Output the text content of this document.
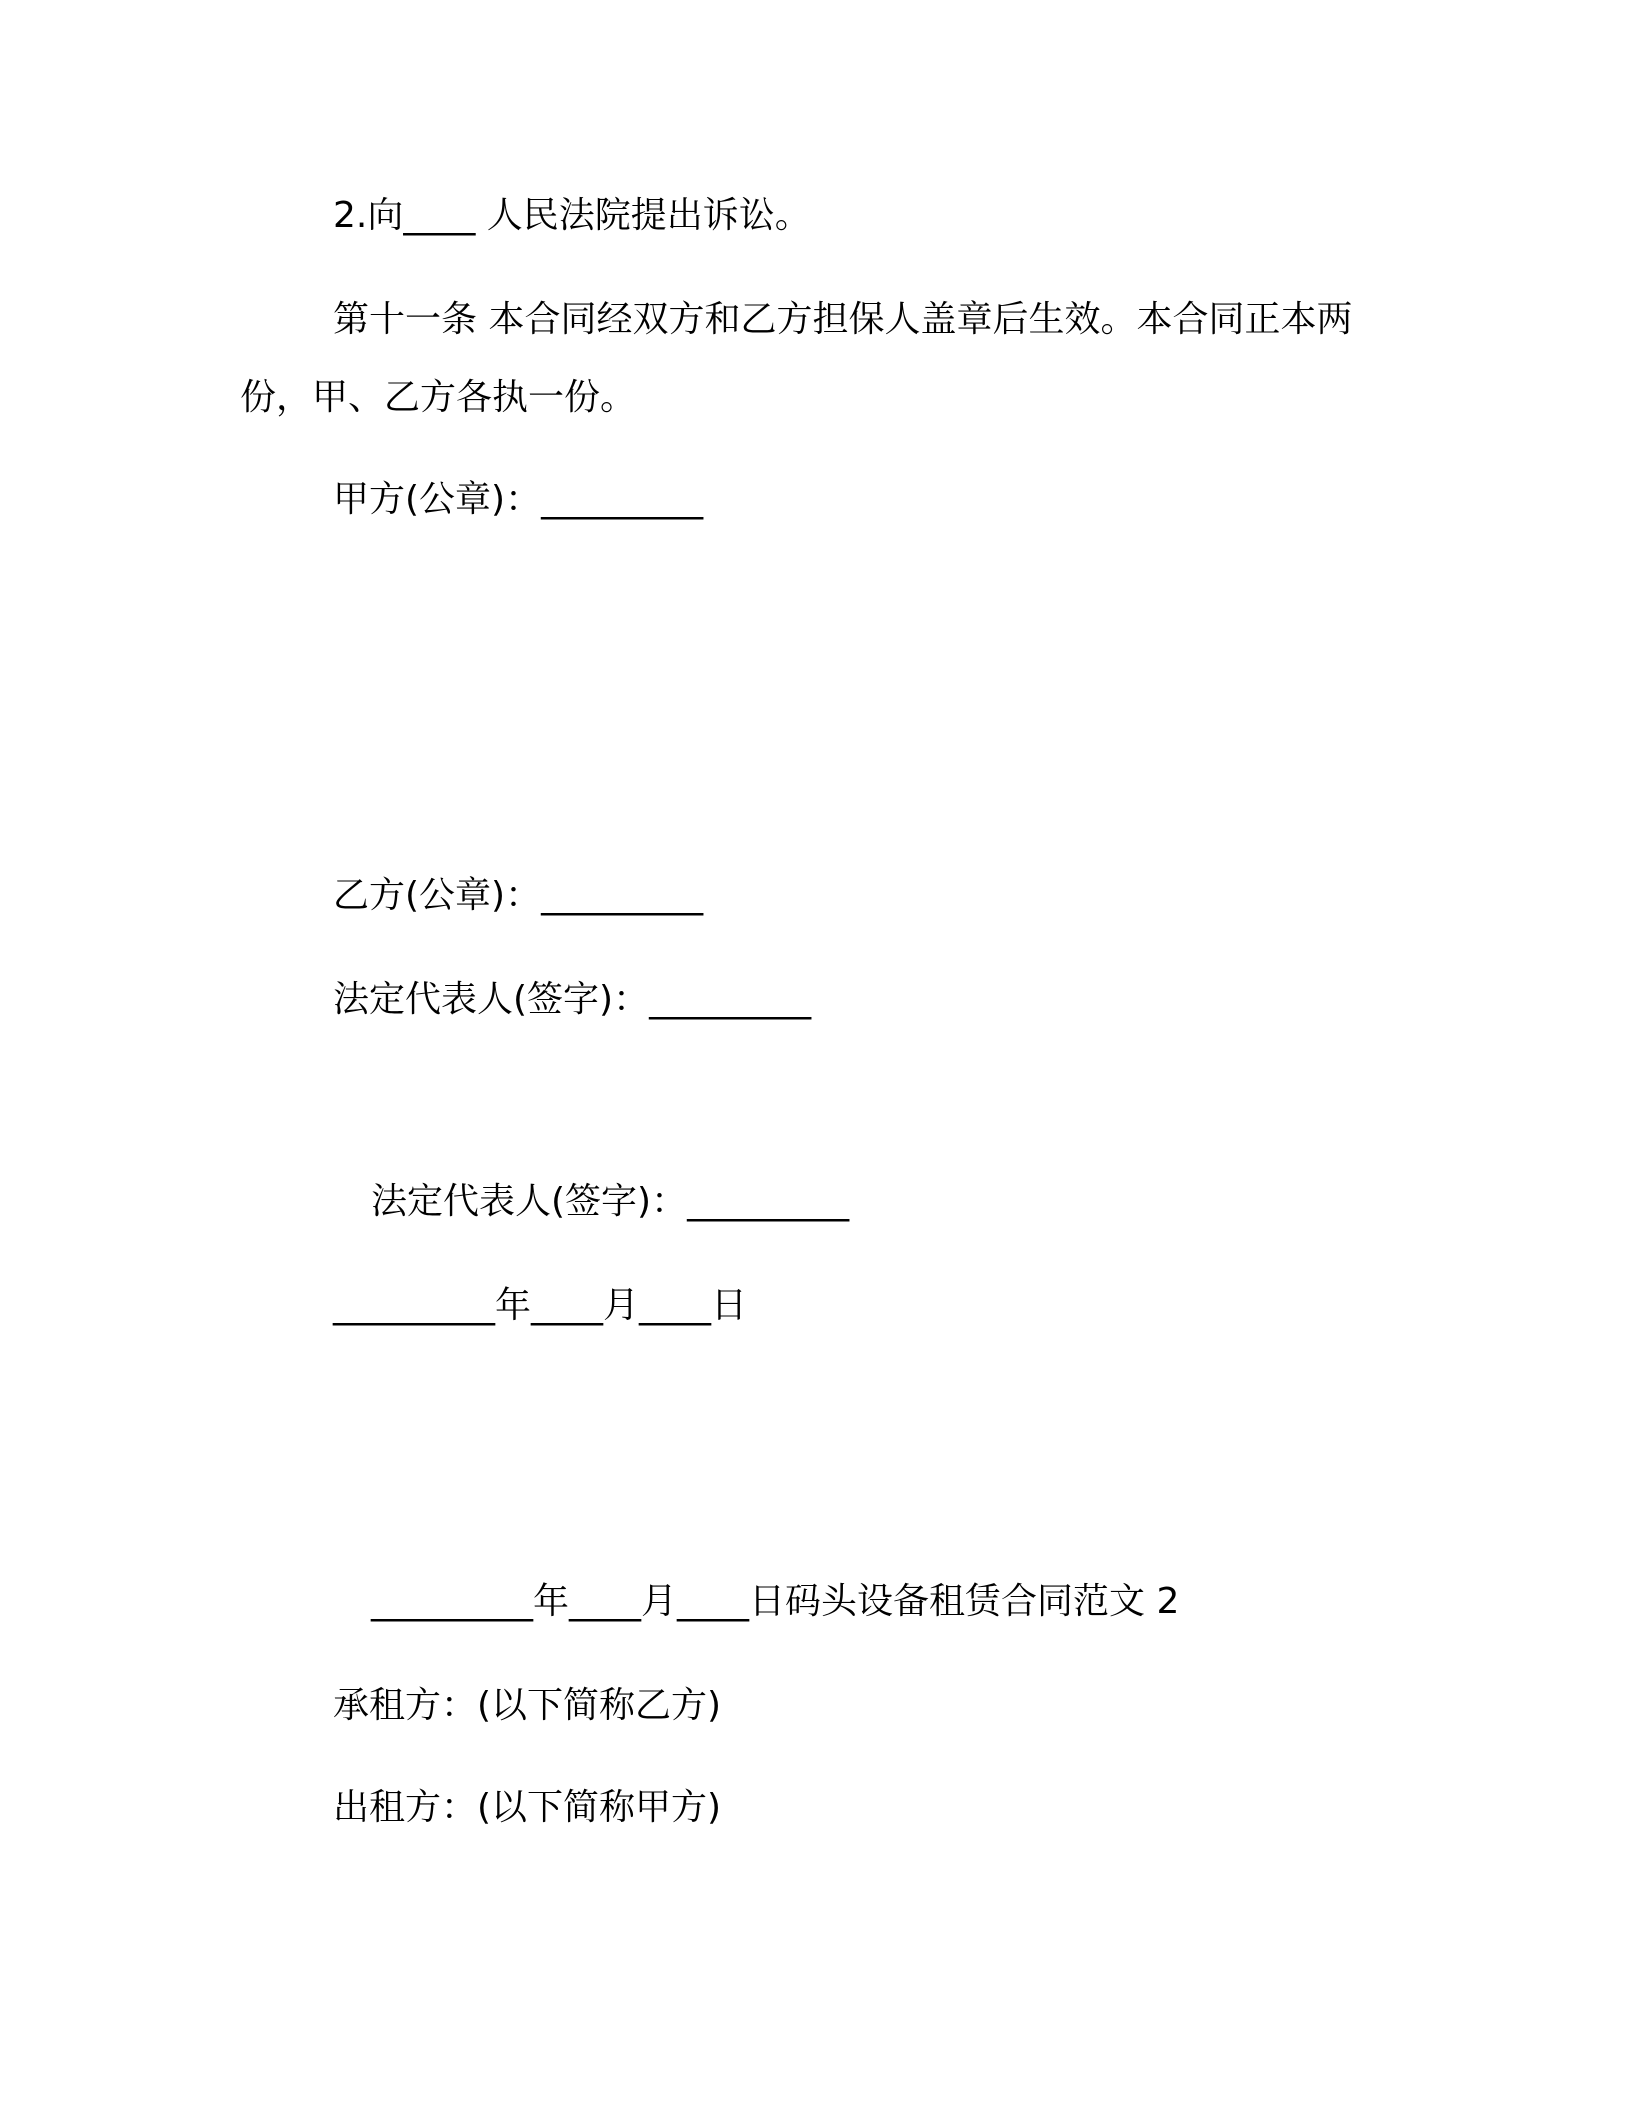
2.向____ 人民法院提出诉讼。
第十一条 本合同经双方和乙方担保人盖章后生效。本合同正本两
份，甲、乙方各执一份。
甲方(公章)：_________
乙方(公章)：_________
法定代表人(签字)：_________
法定代表人(签字)：_________
_________年____月____日
_________年____月____日码头设备租赁合同范文 2
承租方：(以下简称乙方)
出租方：(以下简称甲方)
